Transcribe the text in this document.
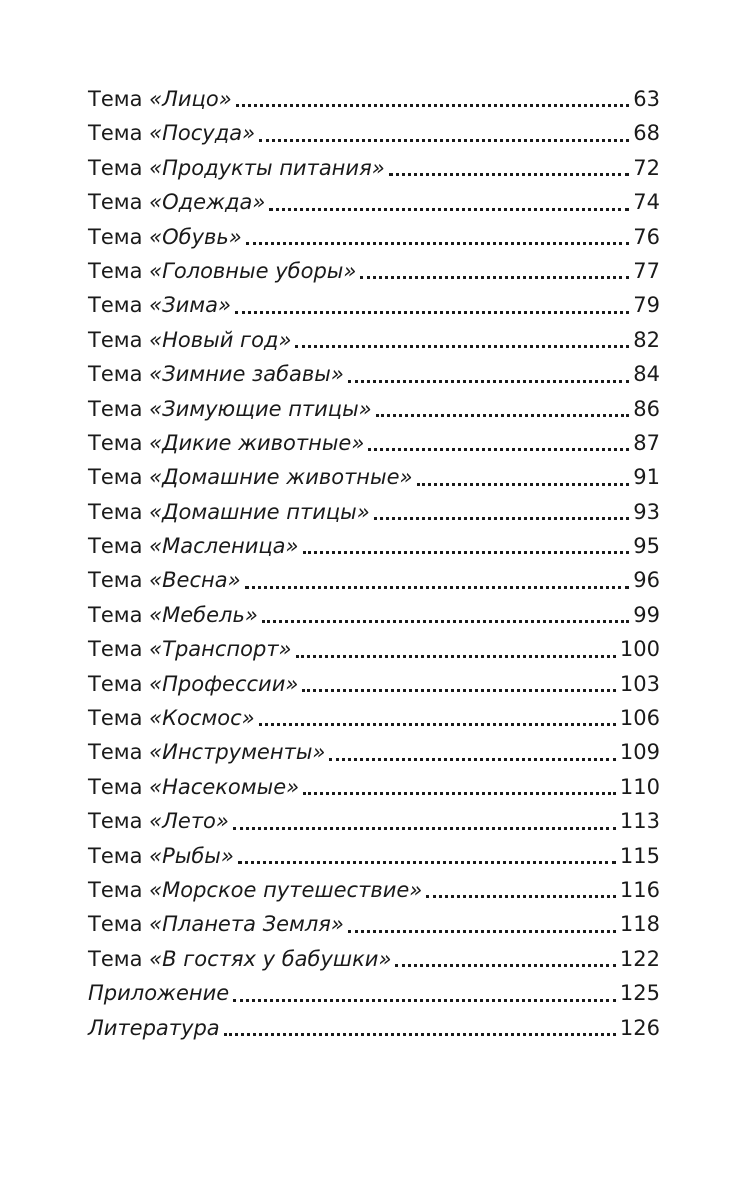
Тема «Лицо»	63
Тема «Посуда»	68
Тема «Продукты питания»	72
Тема «Одежда»	74
Тема «Обувь»	76
Тема «Головные уборы»	77
Тема «Зима»	79
Тема «Новый год»	82
Тема «Зимние забавы»	84
Тема «Зимующие птицы»	86
Тема «Дикие животные»	87
Тема «Домашние животные»	91
Тема «Домашние птицы»	93
Тема «Масленица»	95
Тема «Весна»	96
Тема «Мебель»	99
Тема «Транспорт»	100
Тема «Профессии»	103
Тема «Космос»	106
Тема «Инструменты»	109
Тема «Насекомые»	110
Тема «Лето»	113
Тема «Рыбы»	115
Тема «Морское путешествие»	116
Тема «Планета Земля»	118
Тема «В гостях у бабушки»	122
Приложение	125
Литература	126
